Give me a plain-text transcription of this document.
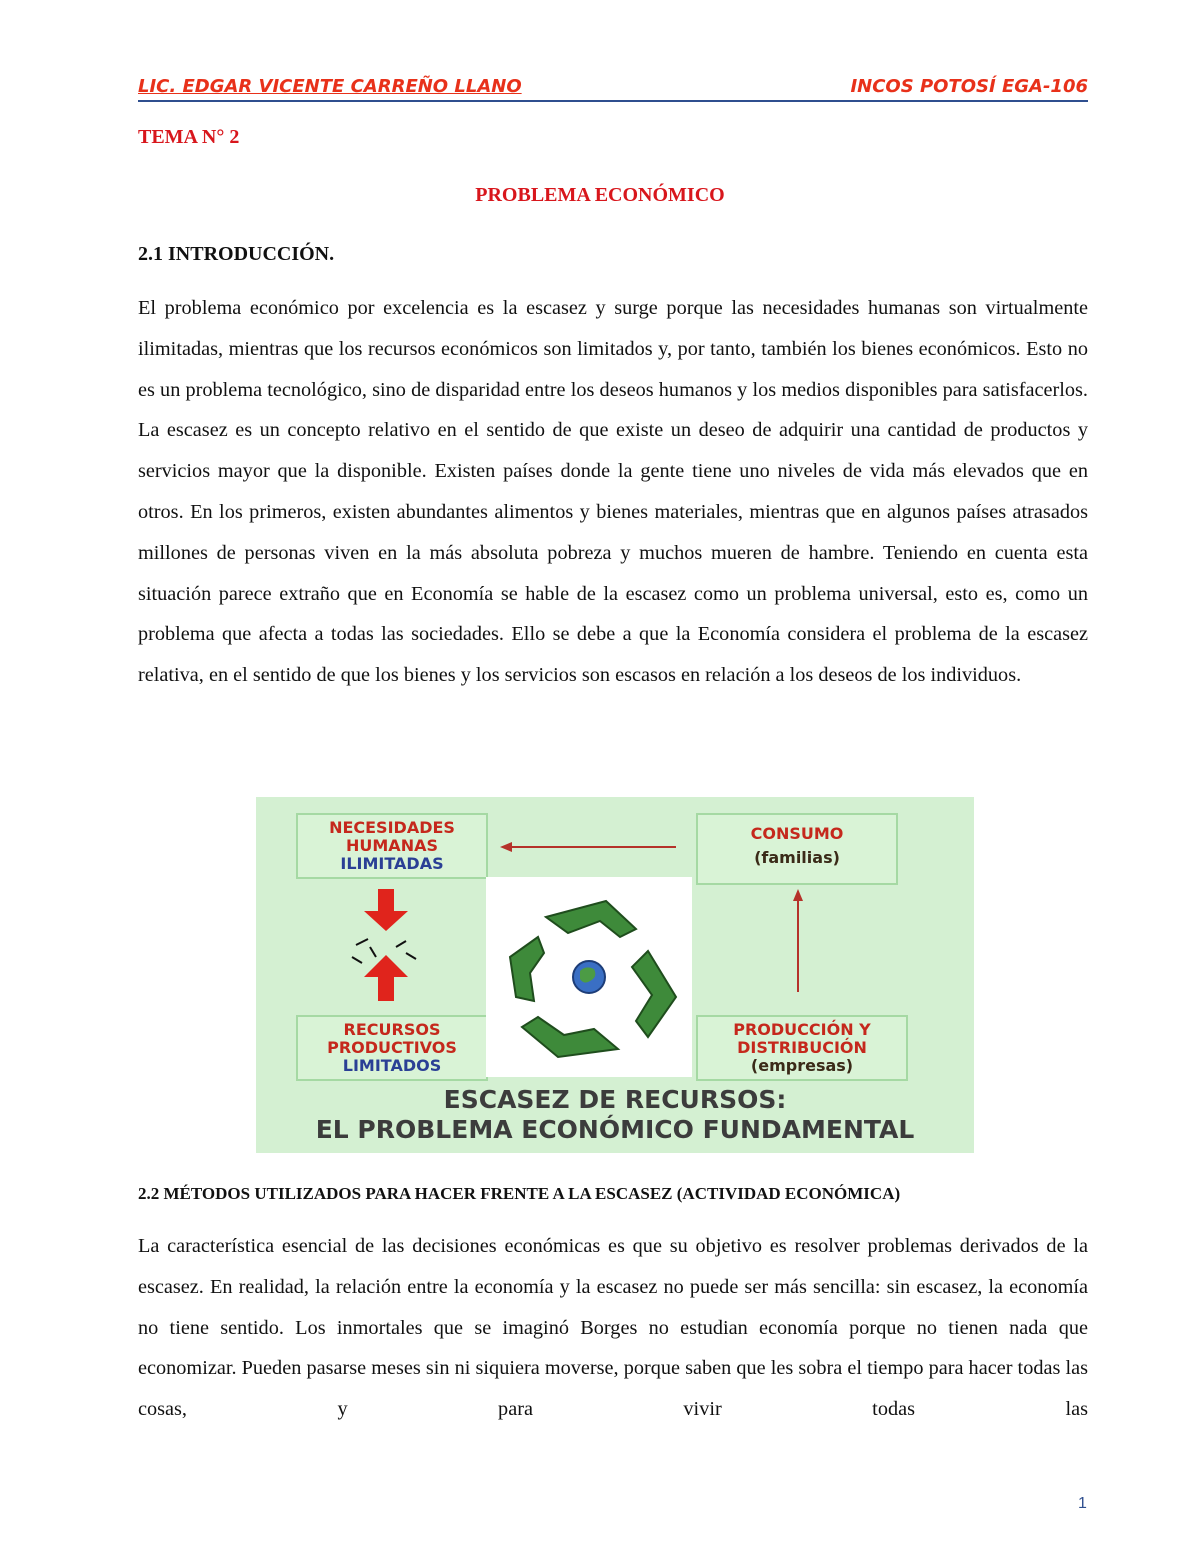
LIC. EDGAR VICENTE CARREÑO LLANO	INCOS POTOSÍ EGA-106
TEMA N° 2
PROBLEMA ECONÓMICO
2.1 INTRODUCCIÓN.

El problema económico por excelencia es la escasez y surge porque las necesidades humanas son virtualmente ilimitadas, mientras que los recursos económicos son limitados y, por tanto, también los bienes económicos. Esto no es un problema tecnológico, sino de disparidad entre los deseos humanos y los medios disponibles para satisfacerlos. La escasez es un concepto relativo en el sentido de que existe un deseo de adquirir una cantidad de productos y servicios mayor que la disponible. Existen países donde la gente tiene uno niveles de vida más elevados que en otros. En los primeros, existen abundantes alimentos y bienes materiales, mientras que en algunos países atrasados millones de personas viven en la más absoluta pobreza y muchos mueren de hambre. Teniendo en cuenta esta situación parece extraño que en Economía se hable de la escasez como un problema universal, esto es, como un problema que afecta a todas las sociedades. Ello se debe a que la Economía considera el problema de la escasez relativa, en el sentido de que los bienes y los servicios son escasos en relación a los deseos de los individuos.

NECESIDADES
HUMANAS
ILIMITADAS
CONSUMO
(familias)
RECURSOS
PRODUCTIVOS
LIMITADOS
PRODUCCIÓN Y
DISTRIBUCIÓN
(empresas)
ESCASEZ DE RECURSOS:
EL PROBLEMA ECONÓMICO FUNDAMENTAL
2.2 MÉTODOS UTILIZADOS PARA HACER FRENTE A LA ESCASEZ (ACTIVIDAD ECONÓMICA)

La característica esencial de las decisiones económicas es que su objetivo es resolver problemas derivados de la escasez. En realidad, la relación entre la economía y la escasez no puede ser más sencilla: sin escasez, la economía no tiene sentido. Los inmortales que se imaginó Borges no estudian economía porque no tienen nada que economizar. Pueden pasarse meses sin ni siquiera moverse, porque saben que les sobra el tiempo para hacer todas las cosas, y para vivir todas las

1
